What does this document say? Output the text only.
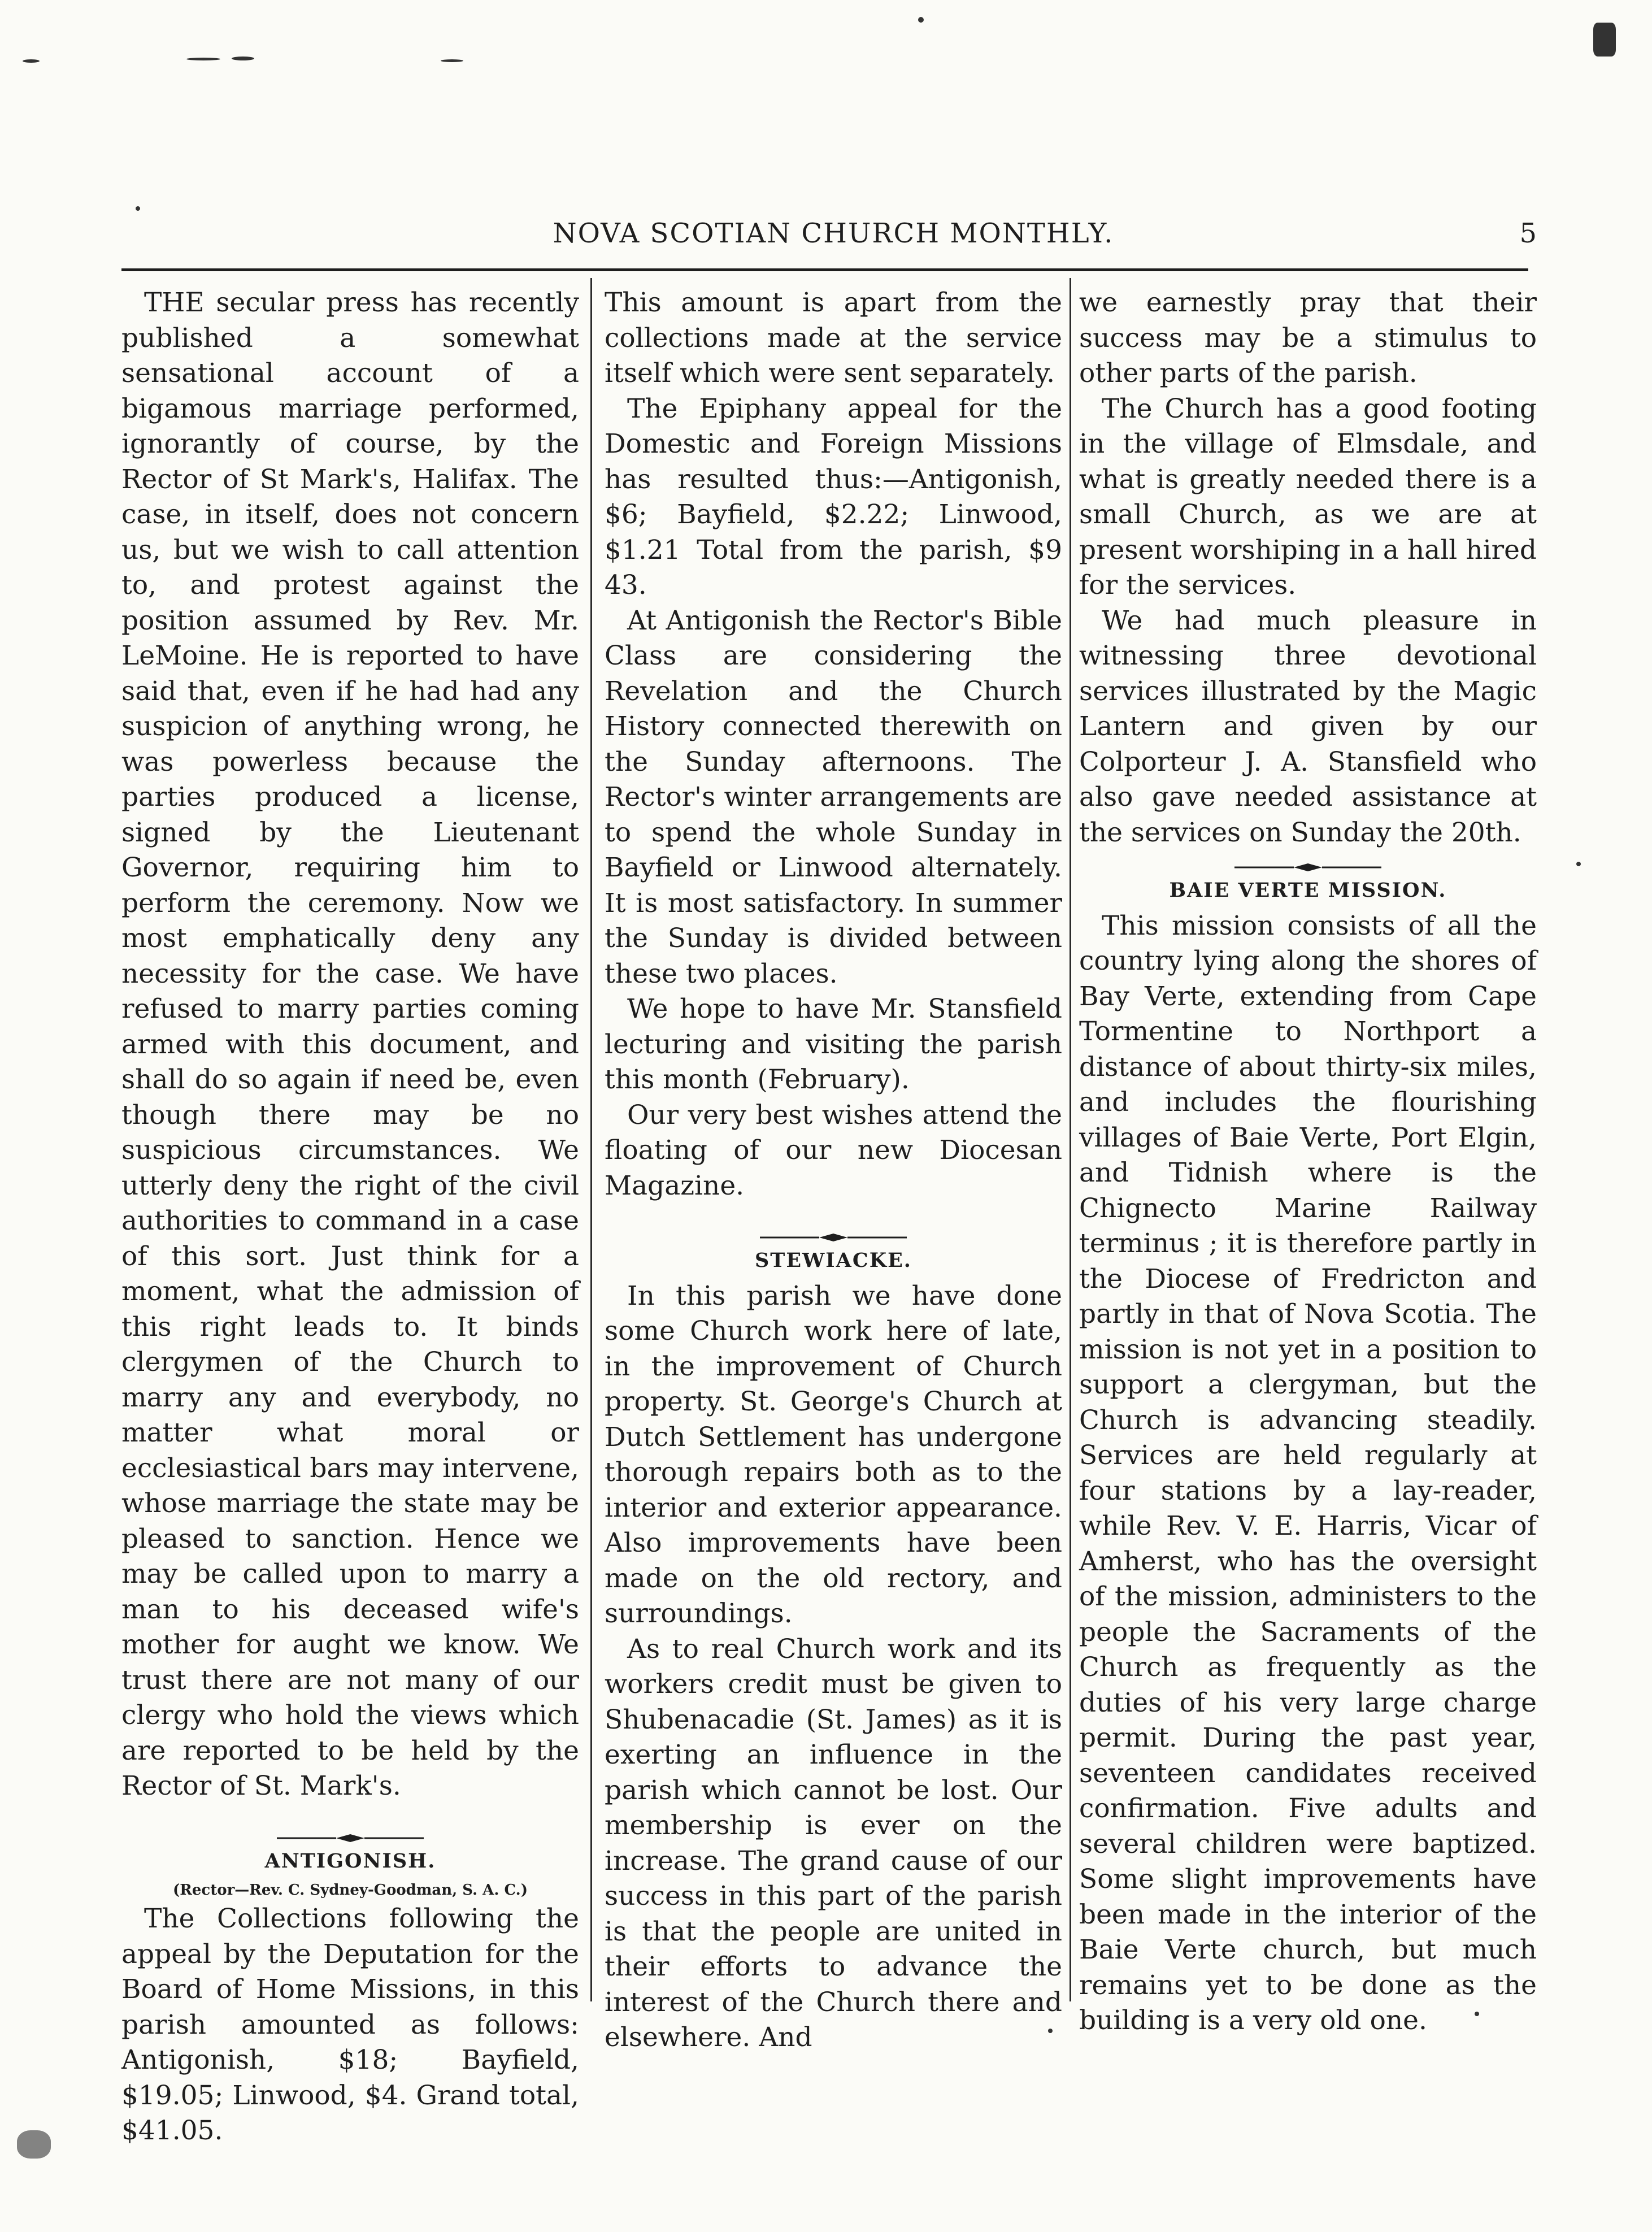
NOVA SCOTIAN CHURCH MONTHLY.	5

THE secular press has recently published a somewhat sensational account of a bigamous marriage performed, ignorantly of course, by the Rector of St Mark's, Halifax. The case, in itself, does not concern us, but we wish to call attention to, and protest against the position assumed by Rev. Mr. LeMoine. He is reported to have said that, even if he had had any suspicion of anything wrong, he was powerless because the parties produced a license, signed by the Lieutenant Governor, requiring him to perform the ceremony. Now we most emphatically deny any necessity for the case. We have refused to marry parties coming armed with this document, and shall do so again if need be, even though there may be no suspicious circumstances. We utterly deny the right of the civil authorities to command in a case of this sort. Just think for a moment, what the admission of this right leads to. It binds clergymen of the Church to marry any and everybody, no matter what moral or ecclesiastical bars may intervene, whose marriage the state may be pleased to sanction. Hence we may be called upon to marry a man to his deceased wife's mother for aught we know. We trust there are not many of our clergy who hold the views which are reported to be held by the Rector of St. Mark's.

ANTIGONISH.
(Rector—Rev. C. Sydney-Goodman, S. A. C.)

The Collections following the appeal by the Deputation for the Board of Home Missions, in this parish amounted as follows: Antigonish, $18; Bayfield, $19.05; Linwood, $4. Grand total, $41.05.

This amount is apart from the collections made at the service itself which were sent separately.

The Epiphany appeal for the Domestic and Foreign Missions has resulted thus:—Antigonish, $6; Bayfield, $2.22; Linwood, $1.21 Total from the parish, $9 43.

At Antigonish the Rector's Bible Class are considering the Revelation and the Church History connected therewith on the Sunday afternoons. The Rector's winter arrangements are to spend the whole Sunday in Bayfield or Linwood alternately. It is most satisfactory. In summer the Sunday is divided between these two places.

We hope to have Mr. Stansfield lecturing and visiting the parish this month (February).

Our very best wishes attend the floating of our new Diocesan Magazine.

STEWIACKE.

In this parish we have done some Church work here of late, in the improvement of Church property. St. George's Church at Dutch Settlement has undergone thorough repairs both as to the interior and exterior appearance. Also improvements have been made on the old rectory, and surroundings.

As to real Church work and its workers credit must be given to Shubenacadie (St. James) as it is exerting an influence in the parish which cannot be lost. Our membership is ever on the increase. The grand cause of our success in this part of the parish is that the people are united in their efforts to advance the interest of the Church there and elsewhere. And

we earnestly pray that their success may be a stimulus to other parts of the parish.

The Church has a good footing in the village of Elmsdale, and what is greatly needed there is a small Church, as we are at present worshiping in a hall hired for the services.

We had much pleasure in witnessing three devotional services illustrated by the Magic Lantern and given by our Colporteur J. A. Stansfield who also gave needed assistance at the services on Sunday the 20th.

BAIE VERTE MISSION.

This mission consists of all the country lying along the shores of Bay Verte, extending from Cape Tormentine to Northport a distance of about thirty-six miles, and includes the flourishing villages of Baie Verte, Port Elgin, and Tidnish where is the Chignecto Marine Railway terminus ; it is therefore partly in the Diocese of Fredricton and partly in that of Nova Scotia. The mission is not yet in a position to support a clergyman, but the Church is advancing steadily. Services are held regularly at four stations by a lay-reader, while Rev. V. E. Harris, Vicar of Amherst, who has the oversight of the mission, administers to the people the Sacraments of the Church as frequently as the duties of his very large charge permit. During the past year, seventeen candidates received confirmation. Five adults and several children were baptized. Some slight improvements have been made in the interior of the Baie Verte church, but much remains yet to be done as the building is a very old one.
